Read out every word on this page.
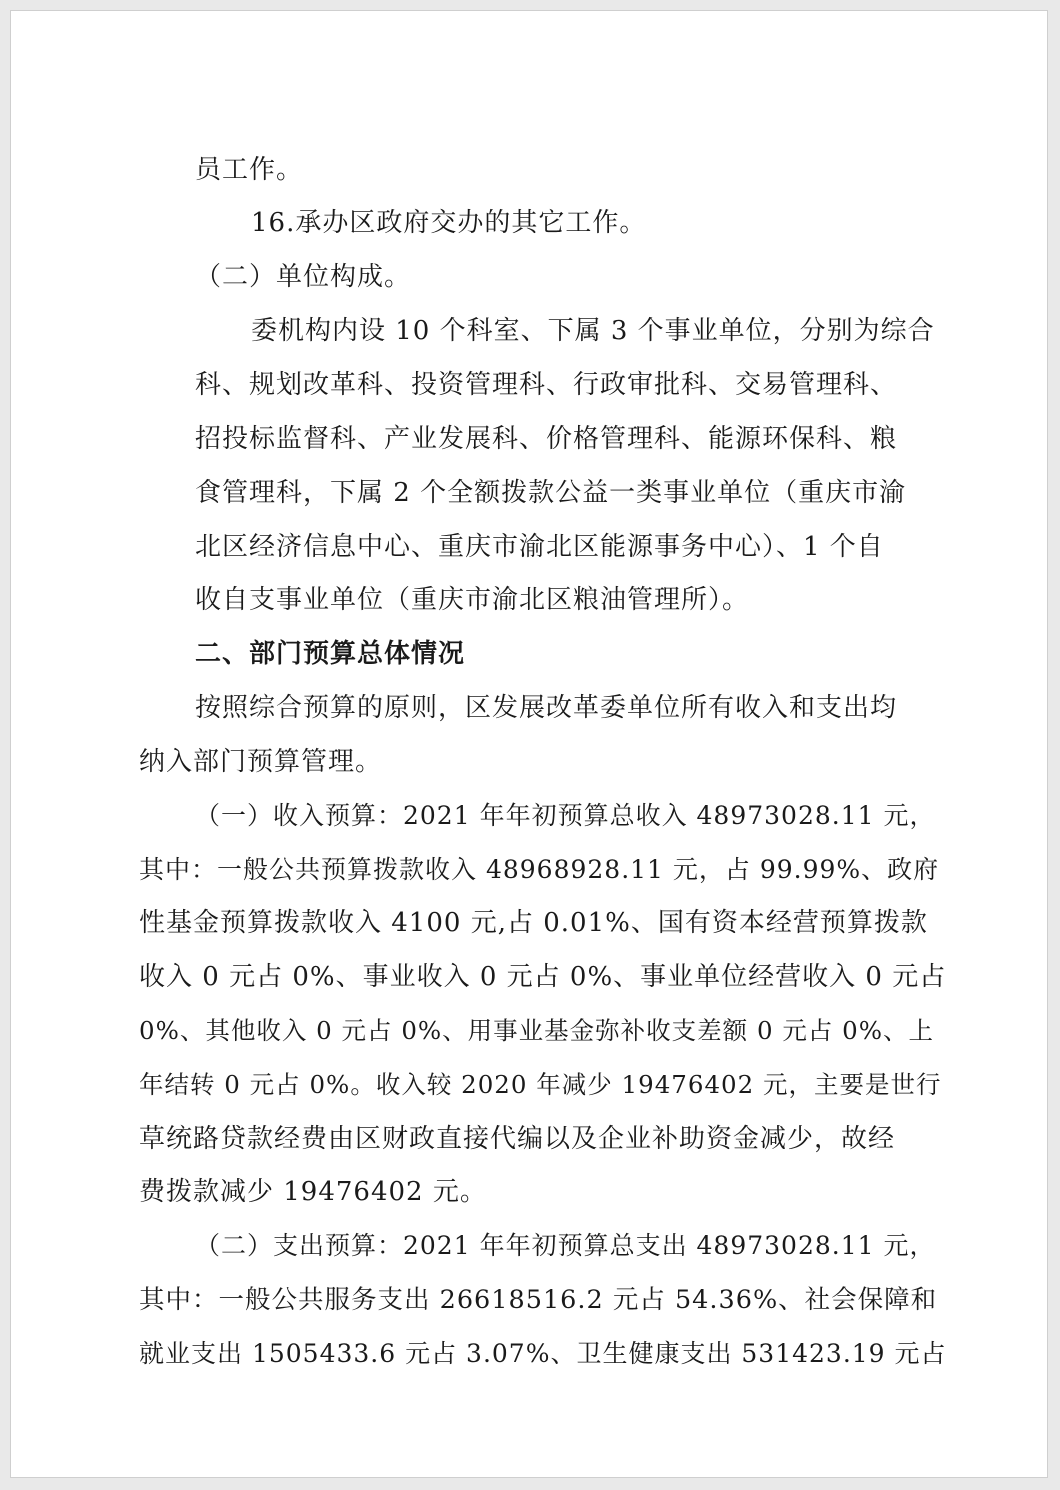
员工作。
16.承办区政府交办的其它工作。
（二）单位构成。
委机构内设 10 个科室、下属 3 个事业单位，分别为综合
科、规划改革科、投资管理科、行政审批科、交易管理科、
招投标监督科、产业发展科、价格管理科、能源环保科、粮
食管理科，下属 2 个全额拨款公益一类事业单位（重庆市渝
北区经济信息中心、重庆市渝北区能源事务中心）、1 个自
收自支事业单位（重庆市渝北区粮油管理所）。
二、部门预算总体情况
按照综合预算的原则，区发展改革委单位所有收入和支出均
纳入部门预算管理。
（一）收入预算：2021 年年初预算总收入 48973028.11 元，
其中：一般公共预算拨款收入 48968928.11 元，占 99.99%、政府
性基金预算拨款收入 4100 元,占 0.01%、国有资本经营预算拨款
收入 0 元占 0%、事业收入 0 元占 0%、事业单位经营收入 0 元占
0%、其他收入 0 元占 0%、用事业基金弥补收支差额 0 元占 0%、上
年结转 0 元占 0%。收入较 2020 年减少 19476402 元，主要是世行
草统路贷款经费由区财政直接代编以及企业补助资金减少，故经
费拨款减少 19476402 元。
（二）支出预算：2021 年年初预算总支出 48973028.11 元，
其中：一般公共服务支出 26618516.2 元占 54.36%、社会保障和
就业支出 1505433.6 元占 3.07%、卫生健康支出 531423.19 元占
